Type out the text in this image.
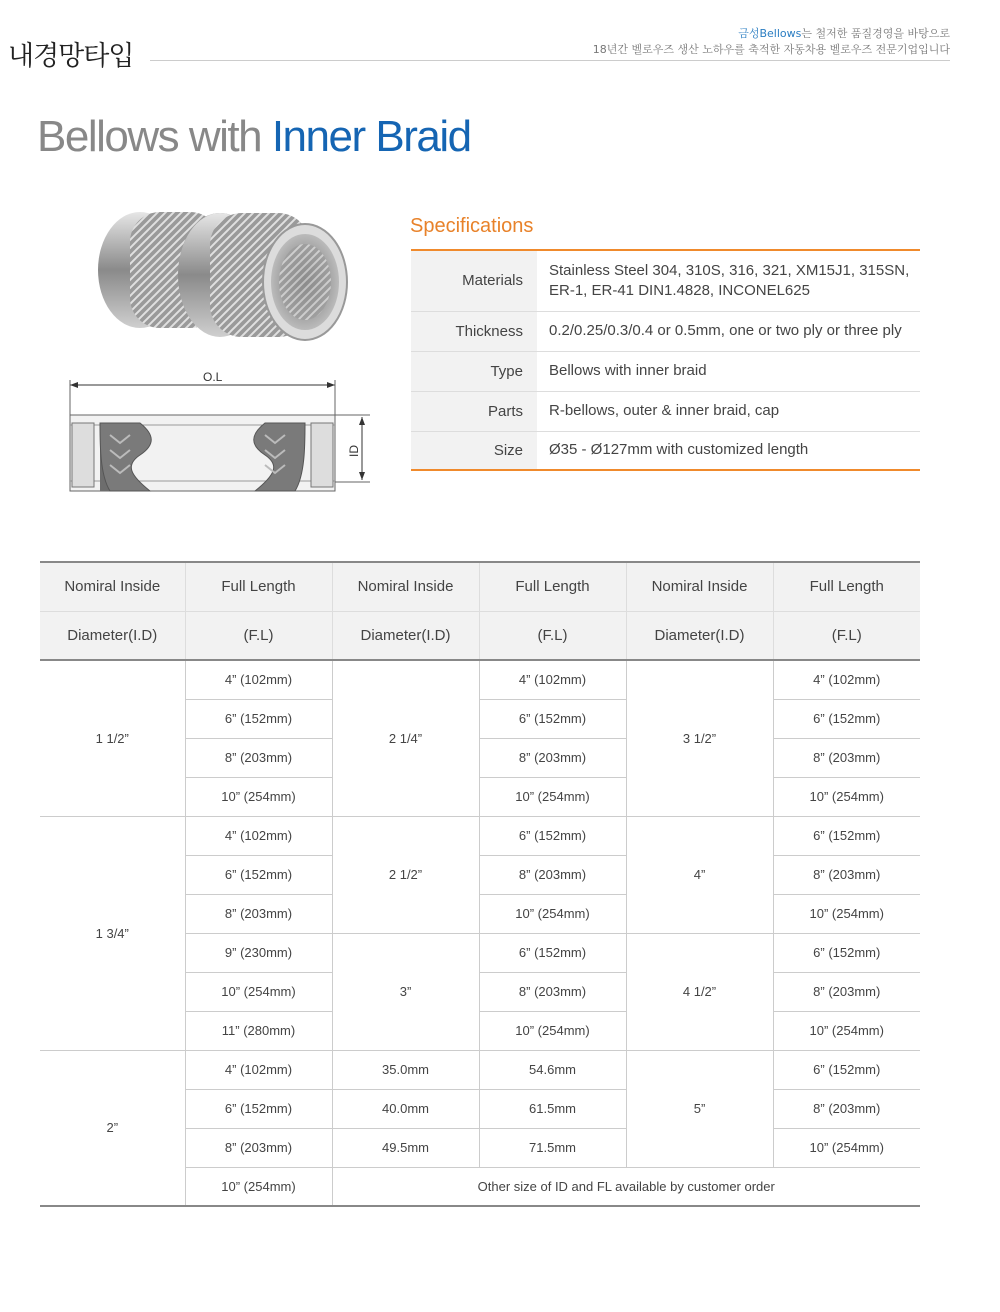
내경망타입
금성Bellows는 철저한 품질경영을 바탕으로
18년간 벨로우즈 생산 노하우를 축적한 자동차용 벨로우즈 전문기업입니다
Bellows with Inner Braid
O.L
ID
Specifications
Materials	Stainless Steel 304, 310S, 316, 321, XM15J1, 315SN,
ER-1, ER-41 DIN1.4828, INCONEL625

Thickness	0.2/0.25/0.3/0.4 or 0.5mm, one or two ply or three ply

Type	Bellows with inner braid

Parts	R-bellows, outer & inner braid, cap

Size	Ø35 - Ø127mm with customized length
Nomiral Inside	Full Length	Nomiral Inside	Full Length	Nomiral Inside	Full Length
Diameter(I.D)	(F.L)	Diameter(I.D)	(F.L)	Diameter(I.D)	(F.L)
1 1/2”	4” (102mm)	2 1/4”	4” (102mm)	3 1/2”	4” (102mm)
	6” (152mm)		6” (152mm)		6” (152mm)
	8” (203mm)		8” (203mm)		8” (203mm)
	10” (254mm)		10” (254mm)		10” (254mm)
1 3/4”	4” (102mm)	2 1/2”	6” (152mm)	4”	6” (152mm)
	6” (152mm)		8” (203mm)		8” (203mm)
	8” (203mm)		10” (254mm)		10” (254mm)
	9” (230mm)	3”	6” (152mm)	4 1/2”	6” (152mm)
	10” (254mm)		8” (203mm)		8” (203mm)
	11” (280mm)		10” (254mm)		10” (254mm)
2”	4” (102mm)	35.0mm	54.6mm	5”	6” (152mm)
	6” (152mm)	40.0mm	61.5mm		8” (203mm)
	8” (203mm)	49.5mm	71.5mm		10” (254mm)
	10” (254mm)	Other size of ID and FL available by customer order			
